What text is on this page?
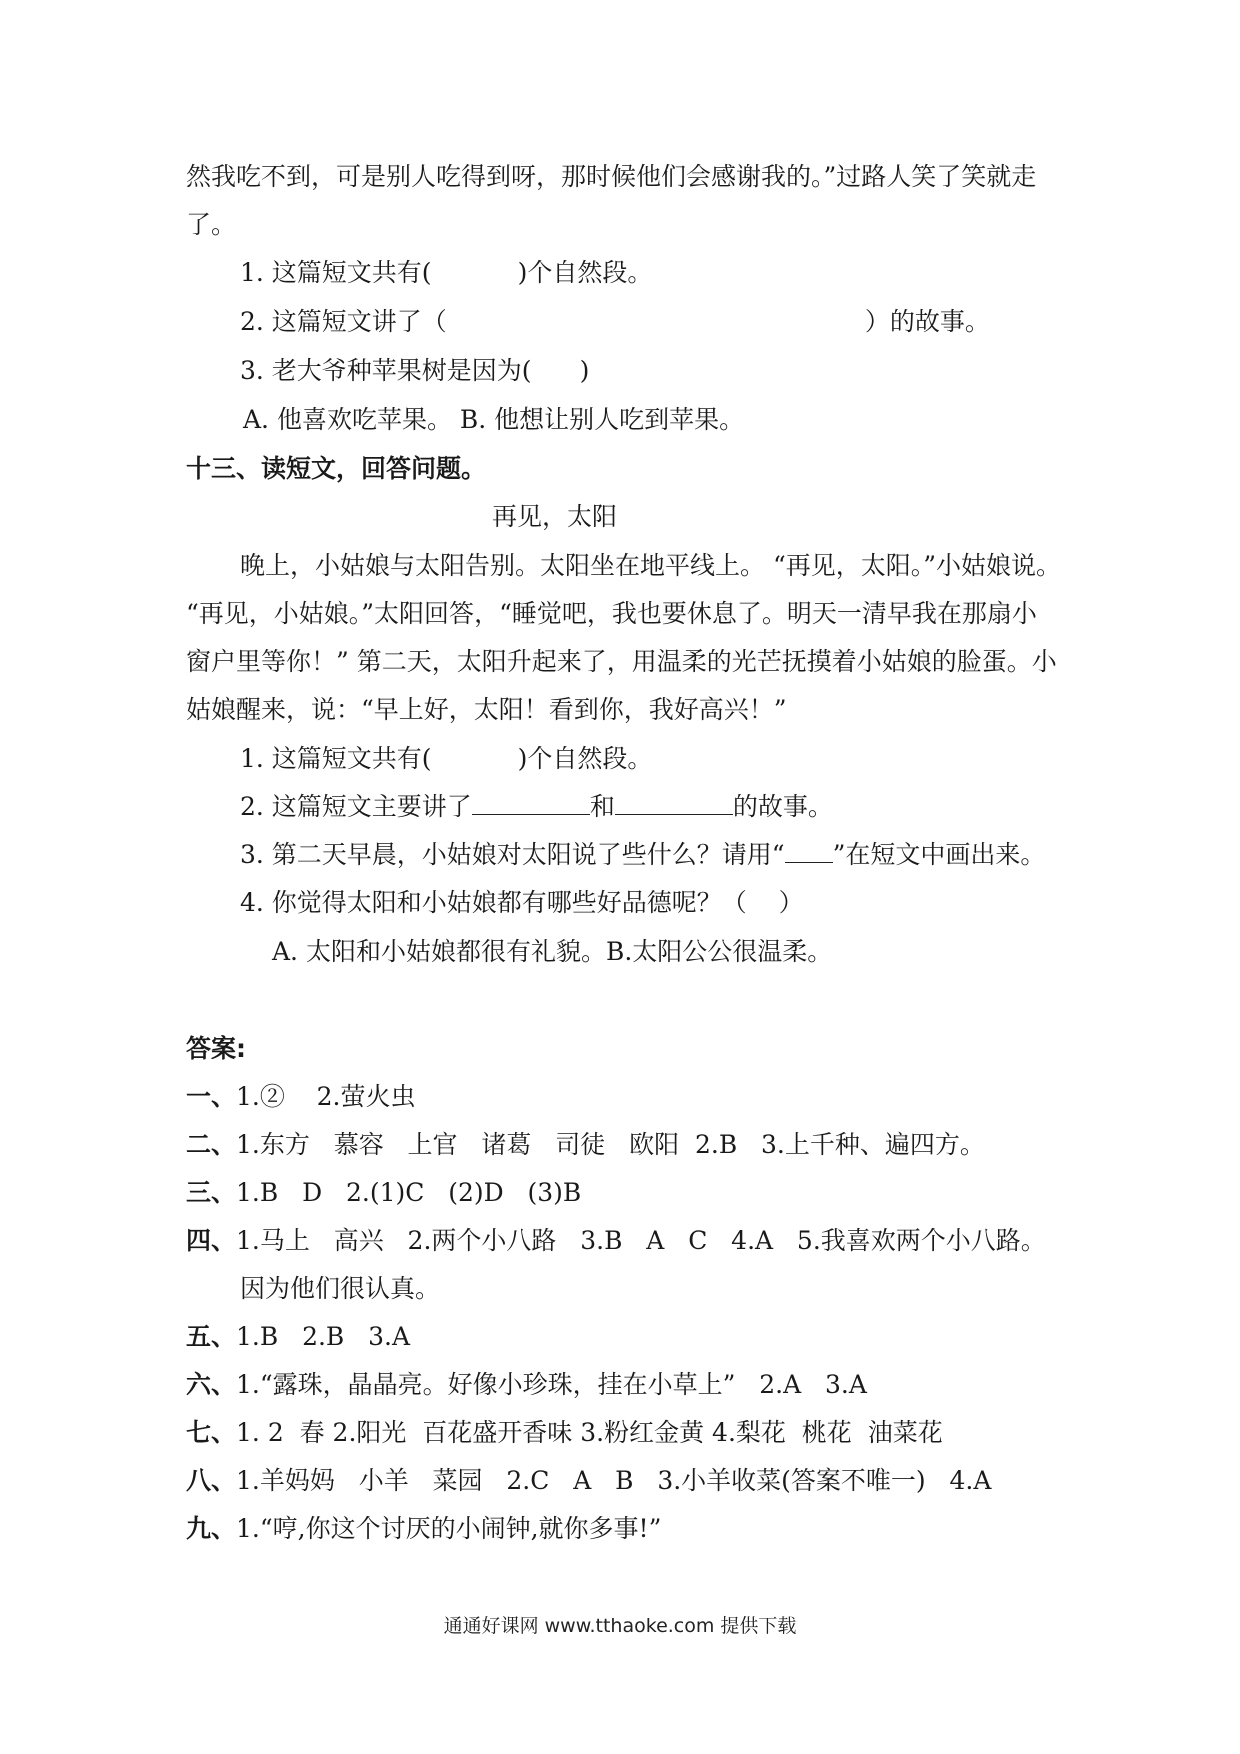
然我吃不到，可是别人吃得到呀，那时候他们会感谢我的。”过路人笑了笑就走
了。
1. 这篇短文共有(	)个自然段。
2. 这篇短文讲了（	）的故事。
3. 老大爷种苹果树是因为( )
A. 他喜欢吃苹果。 B. 他想让别人吃到苹果。
十三、读短文，回答问题。
再见，太阳
晚上，小姑娘与太阳告别。太阳坐在地平线上。 “再见，太阳。”小姑娘说。
“再见，小姑娘。”太阳回答，“睡觉吧，我也要休息了。明天一清早我在那扇小
窗户里等你！” 第二天，太阳升起来了，用温柔的光芒抚摸着小姑娘的脸蛋。小
姑娘醒来，说：“早上好，太阳！看到你，我好高兴！”
1. 这篇短文共有(	)个自然段。
2. 这篇短文主要讲了	和	的故事。
3. 第二天早晨，小姑娘对太阳说了些什么？请用“ ”在短文中画出来。
4. 你觉得太阳和小姑娘都有哪些好品德呢？（    ）
A. 太阳和小姑娘都很有礼貌。B.太阳公公很温柔。
答案:
一、1.②    2.萤火虫
二、1.东方   慕容   上官   诸葛   司徒   欧阳  2.B   3.上千种、遍四方。
三、1.B   D   2.(1)C   (2)D   (3)B
四、1.马上   高兴   2.两个小八路   3.B   A   C   4.A   5.我喜欢两个小八路。
因为他们很认真。
五、1.B   2.B   3.A
六、1.“露珠，晶晶亮。好像小珍珠，挂在小草上”   2.A   3.A
七、1. 2  春 2.阳光  百花盛开香味 3.粉红金黄 4.梨花  桃花  油菜花
八、1.羊妈妈   小羊   菜园   2.C   A   B   3.小羊收菜(答案不唯一)   4.A
九、1.“哼,你这个讨厌的小闹钟,就你多事!”
通通好课网 www.tthaoke.com 提供下载
